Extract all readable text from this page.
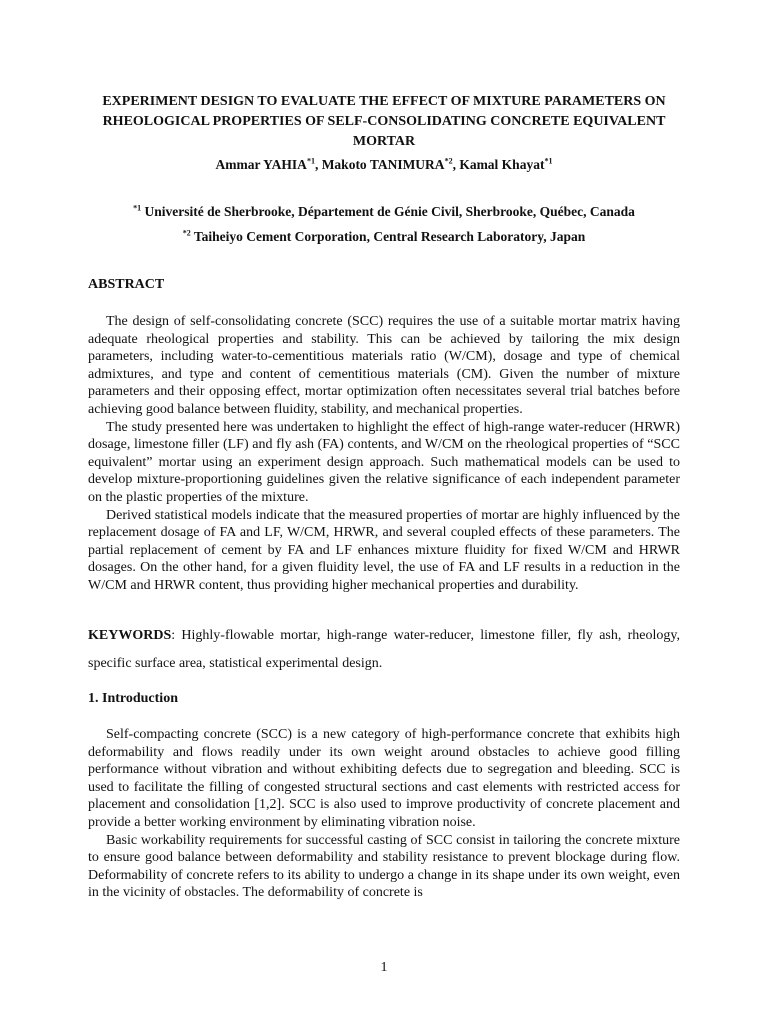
EXPERIMENT DESIGN TO EVALUATE THE EFFECT OF MIXTURE PARAMETERS ON RHEOLOGICAL PROPERTIES OF SELF-CONSOLIDATING CONCRETE EQUIVALENT MORTAR
Ammar YAHIA$^{*1}$, Makoto TANIMURA$^{*2}$, Kamal Khayat$^{*1}$
$^{*1}$ Université de Sherbrooke, Département de Génie Civil, Sherbrooke, Québec, Canada
$^{*2}$ Taiheiyo Cement Corporation, Central Research Laboratory, Japan
ABSTRACT

The design of self-consolidating concrete (SCC) requires the use of a suitable mortar matrix having adequate rheological properties and stability. This can be achieved by tailoring the mix design parameters, including water-to-cementitious materials ratio (W/CM), dosage and type of chemical admixtures, and type and content of cementitious materials (CM). Given the number of mixture parameters and their opposing effect, mortar optimization often necessitates several trial batches before achieving good balance between fluidity, stability, and mechanical properties.

The study presented here was undertaken to highlight the effect of high-range water-reducer (HRWR) dosage, limestone filler (LF) and fly ash (FA) contents, and W/CM on the rheological properties of “SCC equivalent” mortar using an experiment design approach. Such mathematical models can be used to develop mixture-proportioning guidelines given the relative significance of each independent parameter on the plastic properties of the mixture.

Derived statistical models indicate that the measured properties of mortar are highly influenced by the replacement dosage of FA and LF, W/CM, HRWR, and several coupled effects of these parameters. The partial replacement of cement by FA and LF enhances mixture fluidity for fixed W/CM and HRWR dosages. On the other hand, for a given fluidity level, the use of FA and LF results in a reduction in the W/CM and HRWR content, thus providing higher mechanical properties and durability.

KEYWORDS: Highly-flowable mortar, high-range water-reducer, limestone filler, fly ash, rheology, specific surface area, statistical experimental design.
1. Introduction

Self-compacting concrete (SCC) is a new category of high-performance concrete that exhibits high deformability and flows readily under its own weight around obstacles to achieve good filling performance without vibration and without exhibiting defects due to segregation and bleeding. SCC is used to facilitate the filling of congested structural sections and cast elements with restricted access for placement and consolidation [1,2]. SCC is also used to improve productivity of concrete placement and provide a better working environment by eliminating vibration noise.

Basic workability requirements for successful casting of SCC consist in tailoring the concrete mixture to ensure good balance between deformability and stability resistance to prevent blockage during flow. Deformability of concrete refers to its ability to undergo a change in its shape under its own weight, even in the vicinity of obstacles. The deformability of concrete is

1
